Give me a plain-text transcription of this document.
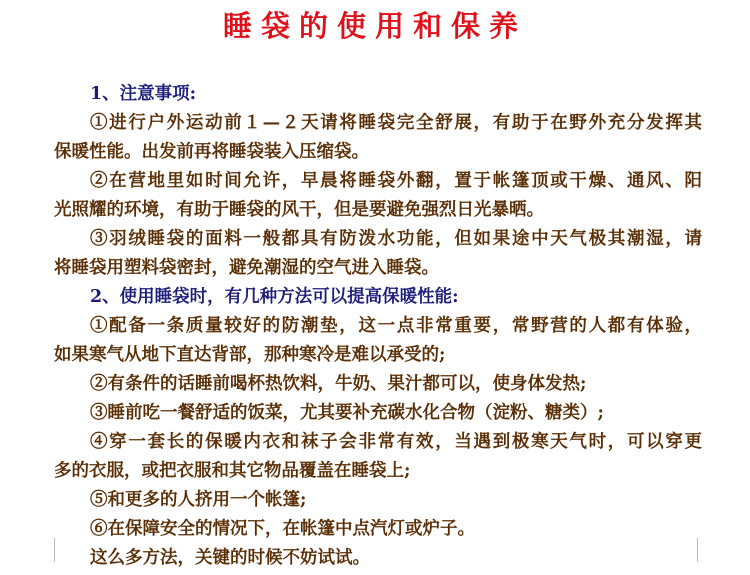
睡袋的使用和保养
1、注意事项:
①进行户外运动前１—２天请将睡袋完全舒展，有助于在野外充分发挥其
保暖性能。出发前再将睡袋装入压缩袋。
②在营地里如时间允许，早晨将睡袋外翻，置于帐篷顶或干燥、通风、阳
光照耀的环境，有助于睡袋的风干，但是要避免强烈日光暴晒。
③羽绒睡袋的面料一般都具有防泼水功能，但如果途中天气极其潮湿，请
将睡袋用塑料袋密封，避免潮湿的空气进入睡袋。
2、使用睡袋时，有几种方法可以提高保暖性能:
①配备一条质量较好的防潮垫，这一点非常重要，常野营的人都有体验，
如果寒气从地下直达背部，那种寒冷是难以承受的;
②有条件的话睡前喝杯热饮料，牛奶、果汁都可以，使身体发热;
③睡前吃一餐舒适的饭菜，尤其要补充碳水化合物（淀粉、糖类）;
④穿一套长的保暖内衣和袜子会非常有效，当遇到极寒天气时，可以穿更
多的衣服，或把衣服和其它物品覆盖在睡袋上;
⑤和更多的人挤用一个帐篷;
⑥在保障安全的情况下，在帐篷中点汽灯或炉子。
这么多方法，关键的时候不妨试试。
